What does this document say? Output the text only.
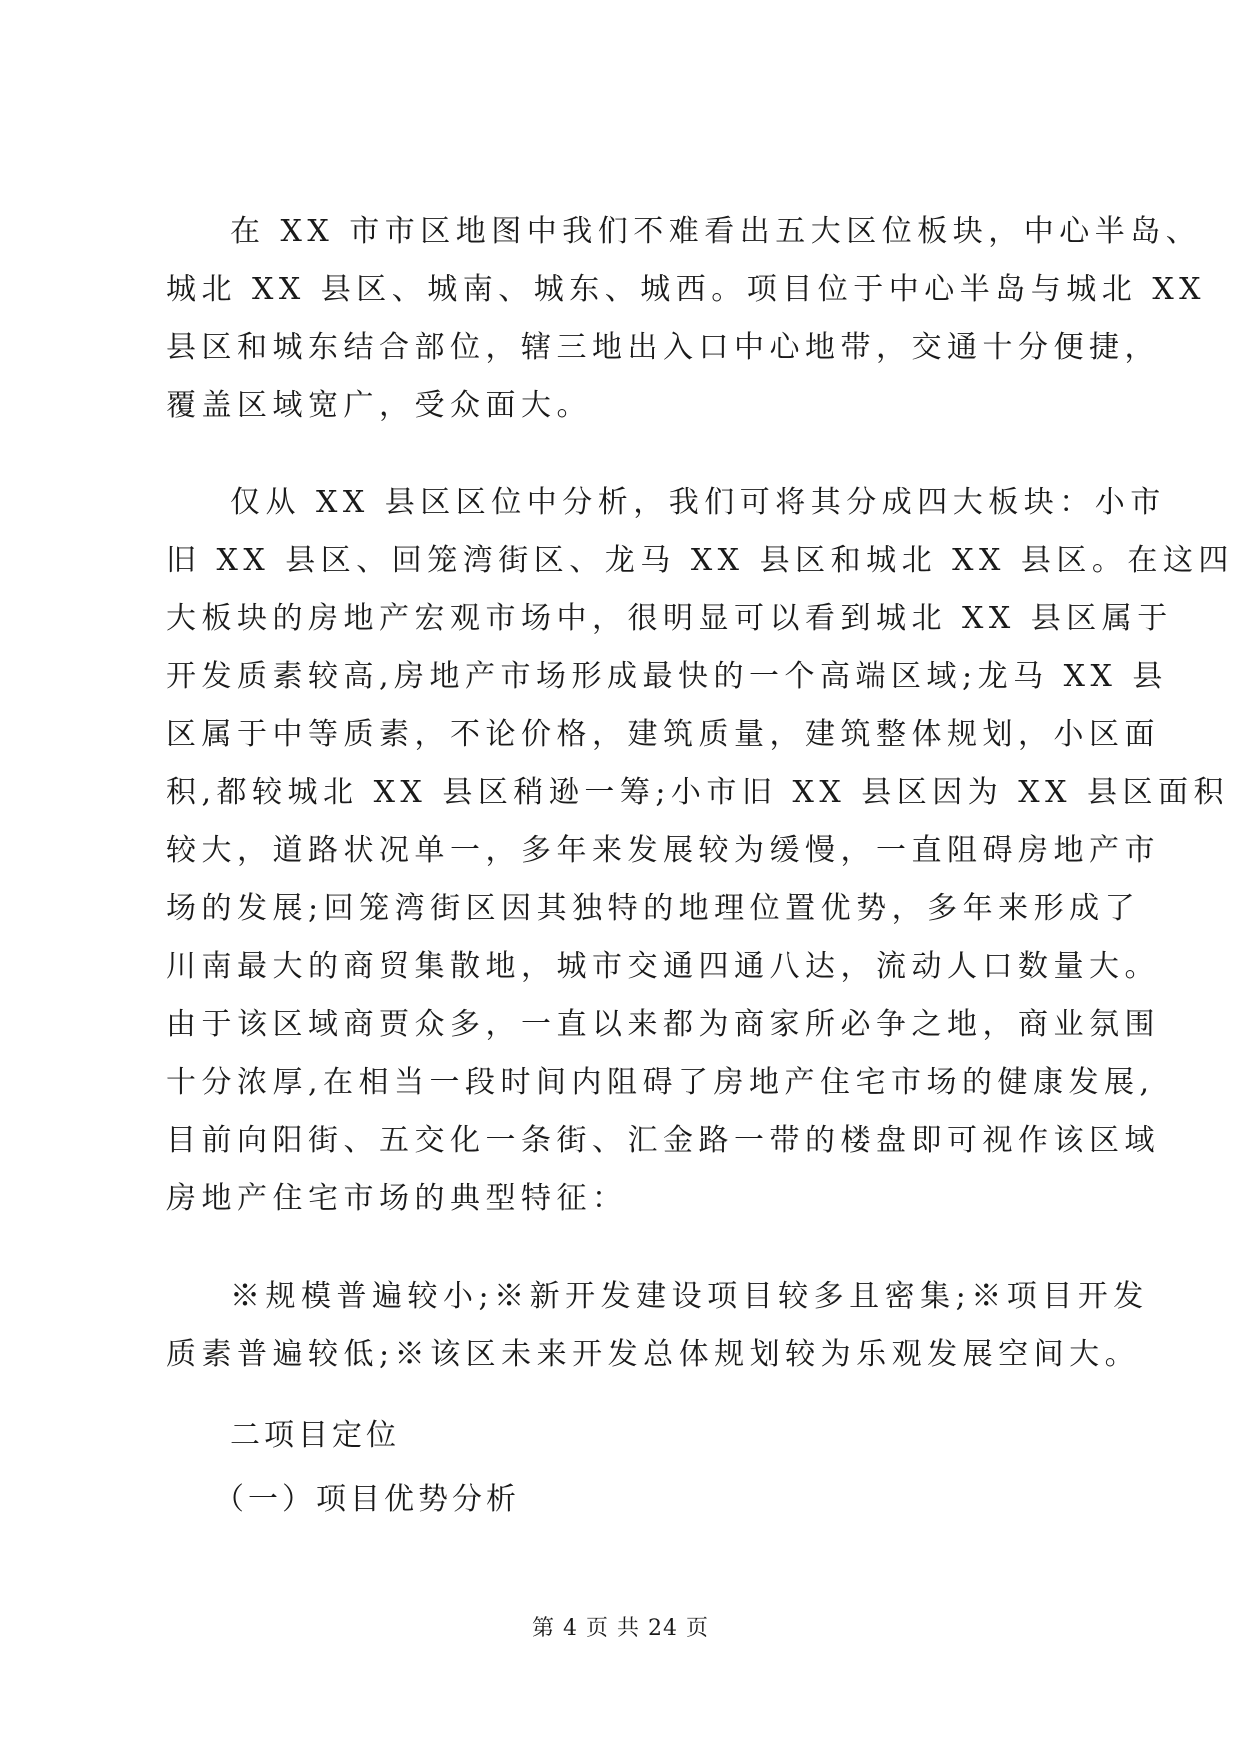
在 XX 市市区地图中我们不难看出五大区位板块，中心半岛、
城北 XX 县区、城南、城东、城西。项目位于中心半岛与城北 XX
县区和城东结合部位，辖三地出入口中心地带，交通十分便捷，
覆盖区域宽广，受众面大。
仅从 XX 县区区位中分析，我们可将其分成四大板块：小市
旧 XX 县区、回笼湾街区、龙马 XX 县区和城北 XX 县区。在这四
大板块的房地产宏观市场中，很明显可以看到城北 XX 县区属于
开发质素较高,房地产市场形成最快的一个高端区域;龙马 XX 县
区属于中等质素，不论价格，建筑质量，建筑整体规划，小区面
积,都较城北 XX 县区稍逊一筹;小市旧 XX 县区因为 XX 县区面积
较大，道路状况单一，多年来发展较为缓慢，一直阻碍房地产市
场的发展;回笼湾街区因其独特的地理位置优势，多年来形成了
川南最大的商贸集散地，城市交通四通八达，流动人口数量大。
由于该区域商贾众多，一直以来都为商家所必争之地，商业氛围
十分浓厚,在相当一段时间内阻碍了房地产住宅市场的健康发展,
目前向阳街、五交化一条街、汇金路一带的楼盘即可视作该区域
房地产住宅市场的典型特征：
※规模普遍较小;※新开发建设项目较多且密集;※项目开发
质素普遍较低;※该区未来开发总体规划较为乐观发展空间大。
二项目定位
（一）项目优势分析
第 4 页 共 24 页
